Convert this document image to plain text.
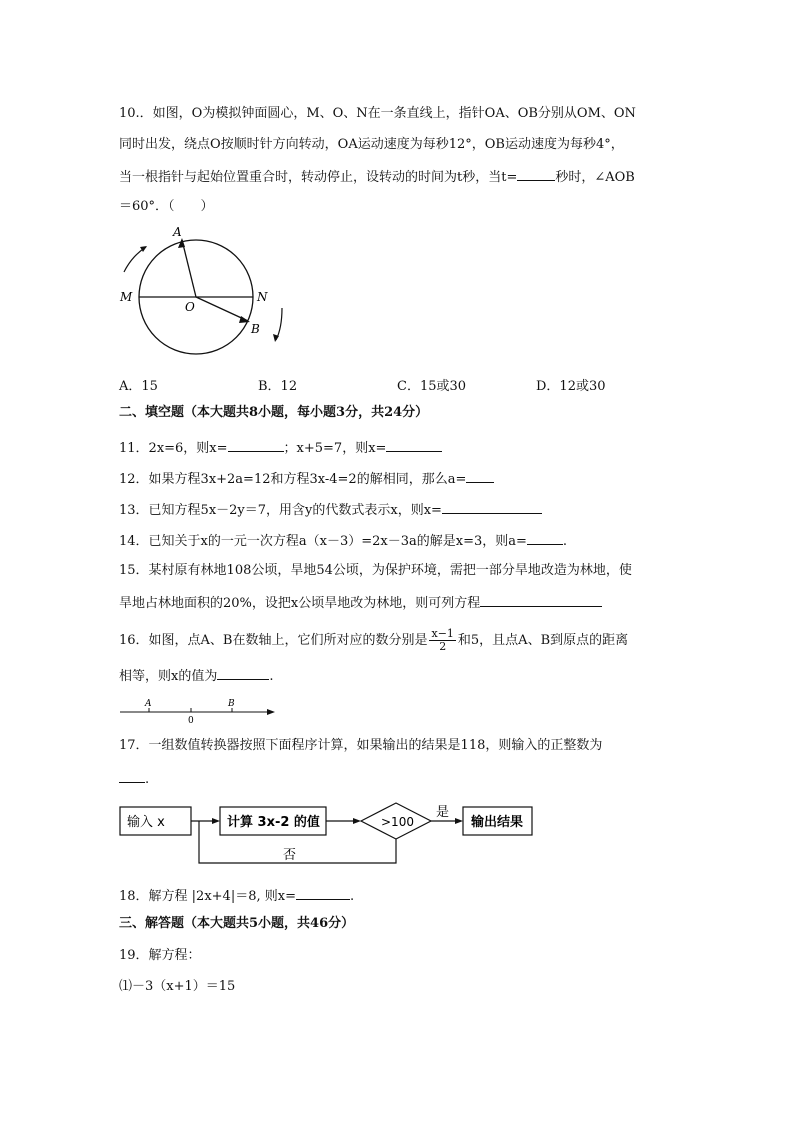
10.．如图，O为模拟钟面圆心，M、O、N在一条直线上，指针OA、OB分别从OM、ON
同时出发，绕点O按顺时针方向转动，OA运动速度为每秒12°，OB运动速度为每秒4°，
当一根指针与起始位置重合时，转动停止，设转动的时间为t秒，当t=	秒时，∠AOB
＝60°．（　　）
A
M
O
N
B
A．15	B．12	C．15或30	D．12或30
二、填空题（本大题共8小题，每小题3分，共24分）
11．2x=6，则x=	；x+5=7，则x=
12．如果方程3x+2a=12和方程3x-4=2的解相同，那么a=
13．已知方程5x－2y＝7，用含y的代数式表示x，则x=
14．已知关于x的一元一次方程a（x－3）=2x－3a的解是x=3，则a=	.
15．某村原有林地108公顷，旱地54公顷，为保护环境，需把一部分旱地改造为林地，使
旱地占林地面积的20%，设把x公顷旱地改为林地，则可列方程
16．如图，点A、B在数轴上，它们所对应的数分别是 $\frac{x-1}{2}$ 和5，且点A、B到原点的距离
相等，则x的值为	.
A
0
B
17．一组数值转换器按照下面程序计算，如果输出的结果是118，则输入的正整数为
.
输入 x	计算 3x-2 的值	>100
是
输出结果
否
18．解方程 |2x+4|＝8, 则x=	.
三、解答题（本大题共5小题，共46分）
19．解方程：
⑴－3（x+1）＝15
